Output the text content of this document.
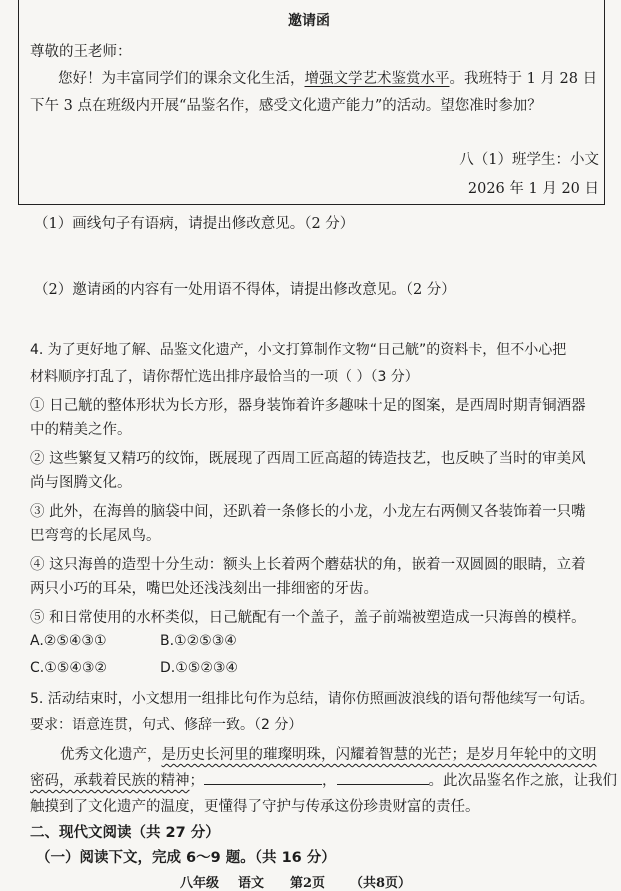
邀请函
尊敬的王老师：
您好！为丰富同学们的课余文化生活，增强文学艺术鉴赏水平。我班特于 1 月 28 日
下午 3 点在班级内开展“品鉴名作，感受文化遗产能力”的活动。望您准时参加？
八（1）班学生：小文
2026 年 1 月 20 日
（1）画线句子有语病，请提出修改意见。（2 分）
（2）邀请函的内容有一处用语不得体，请提出修改意见。（2 分）
4. 为了更好地了解、品鉴文化遗产，小文打算制作文物“日己觥”的资料卡，但不小心把
材料顺序打乱了，请你帮忙选出排序最恰当的一项（ ）（3 分）
① 日己觥的整体形状为长方形，器身装饰着许多趣味十足的图案，是西周时期青铜酒器
中的精美之作。
② 这些繁复又精巧的纹饰，既展现了西周工匠高超的铸造技艺，也反映了当时的审美风
尚与图腾文化。
③ 此外，在海兽的脑袋中间，还趴着一条修长的小龙，小龙左右两侧又各装饰着一只嘴
巴弯弯的长尾凤鸟。
④ 这只海兽的造型十分生动：额头上长着两个蘑菇状的角，嵌着一双圆圆的眼睛，立着
两只小巧的耳朵，嘴巴处还浅浅刻出一排细密的牙齿。
⑤ 和日常使用的水杯类似，日己觥配有一个盖子，盖子前端被塑造成一只海兽的模样。
A.②⑤④③①	B.①②⑤③④
C.①⑤④③②	D.①⑤②③④
5. 活动结束时，小文想用一组排比句作为总结，请你仿照画波浪线的语句帮他续写一句话。
要求：语意连贯，句式、修辞一致。（2 分）
优秀文化遗产，是历史长河里的璀璨明珠，闪耀着智慧的光芒；是岁月年轮中的文明
密码，承载着民族的精神；	，	。此次品鉴名作之旅，让我们
触摸到了文化遗产的温度，更懂得了守护与传承这份珍贵财富的责任。
二、现代文阅读（共 27 分）
（一）阅读下文，完成 6～9 题。（共 16 分）
八年级 语文 第2页 （共8页）
